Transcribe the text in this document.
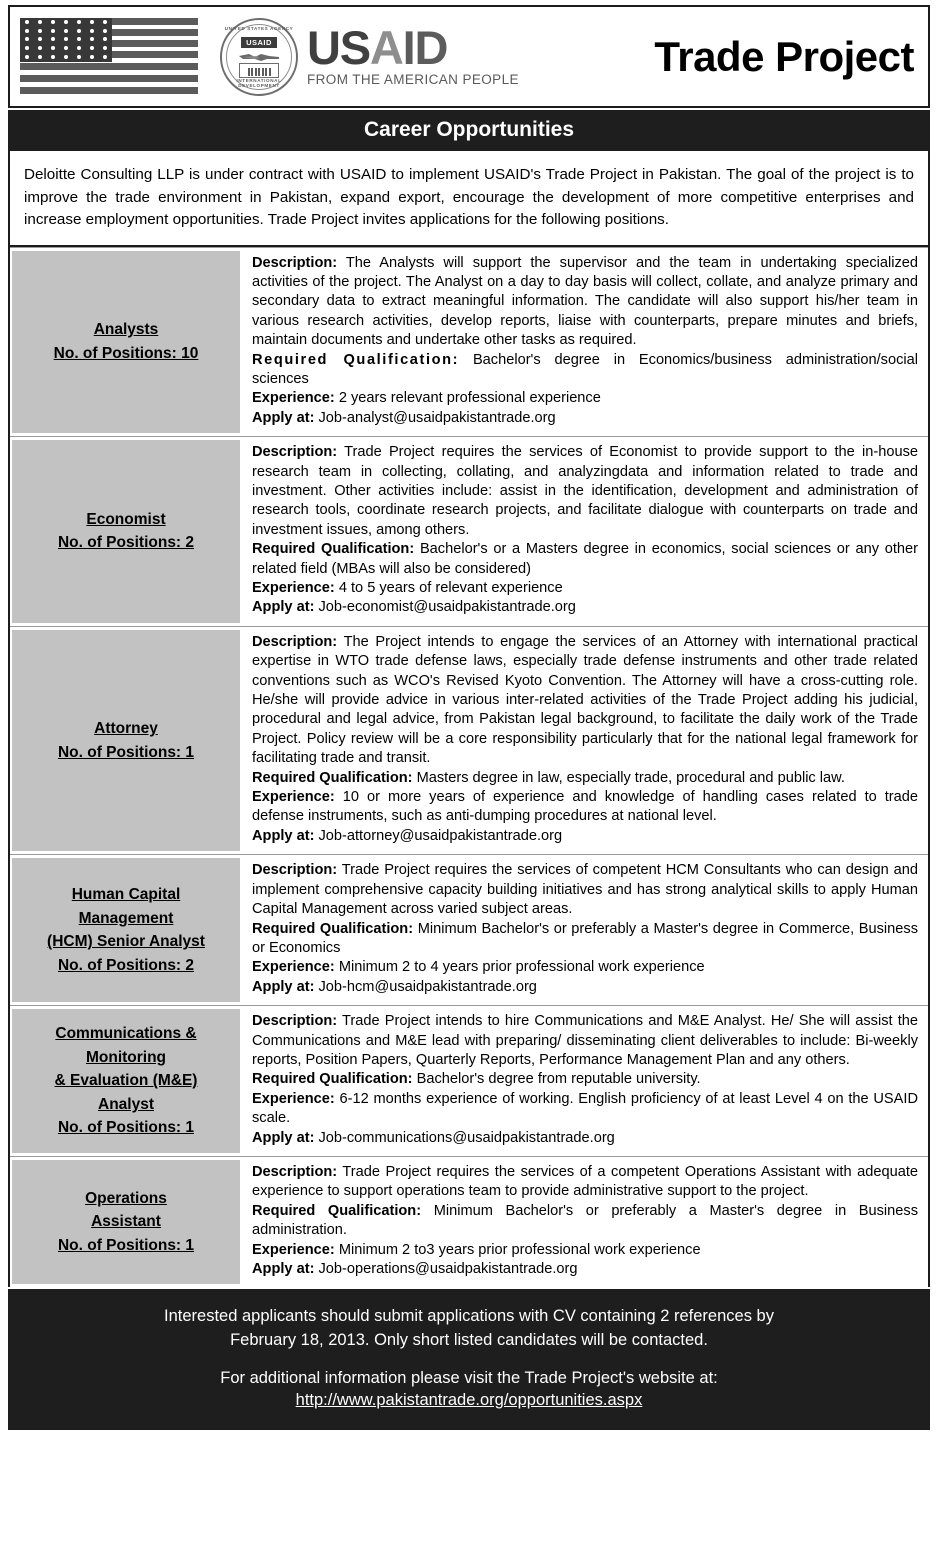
UNITED STATES AGENCY
USAID
INTERNATIONAL DEVELOPMENT
USAID
FROM THE AMERICAN PEOPLE
Trade Project
Career Opportunities
Deloitte Consulting LLP is under contract with USAID to implement USAID's Trade Project in Pakistan. The goal of the project is to improve the trade environment in Pakistan, expand export, encourage the development of more competitive enterprises and increase employment opportunities. Trade Project invites applications for the following positions.
Analysts
No. of Positions: 10
Description: The Analysts will support the supervisor and the team in undertaking specialized activities of the project. The Analyst on a day to day basis will collect, collate, and analyze primary and secondary data to extract meaningful information. The candidate will also support his/her team in various research activities, develop reports, liaise with counterparts, prepare minutes and briefs, maintain documents and undertake other tasks as required.
Required Qualification: Bachelor's degree in Economics/business administration/social sciences
Experience: 2 years relevant professional experience
Apply at: Job-analyst@usaidpakistantrade.org
Economist
No. of Positions: 2
Description: Trade Project requires the services of Economist to provide support to the in-house research team in collecting, collating, and analyzingdata and information related to trade and investment. Other activities include: assist in the identification, development and administration of research tools, coordinate research projects, and facilitate dialogue with counterparts on trade and investment issues, among others.
Required Qualification: Bachelor's or a Masters degree in economics, social sciences or any other related field (MBAs will also be considered)
Experience: 4 to 5 years of relevant experience
Apply at: Job-economist@usaidpakistantrade.org
Attorney
No. of Positions: 1
Description: The Project intends to engage the services of an Attorney with international practical expertise in WTO trade defense laws, especially trade defense instruments and other trade related conventions such as WCO's Revised Kyoto Convention. The Attorney will have a cross-cutting role. He/she will provide advice in various inter-related activities of the Trade Project adding his judicial, procedural and legal advice, from Pakistan legal background, to facilitate the daily work of the Trade Project. Policy review will be a core responsibility particularly that for the national legal framework for facilitating trade and transit.
Required Qualification: Masters degree in law, especially trade, procedural and public law.
Experience: 10 or more years of experience and knowledge of handling cases related to trade defense instruments, such as anti-dumping procedures at national level.
Apply at: Job-attorney@usaidpakistantrade.org
Human Capital
Management
(HCM) Senior Analyst
No. of Positions: 2
Description: Trade Project requires the services of competent HCM Consultants who can design and implement comprehensive capacity building initiatives and has strong analytical skills to apply Human Capital Management across varied subject areas.
Required Qualification: Minimum Bachelor's or preferably a Master's degree in Commerce, Business or Economics
Experience: Minimum 2 to 4 years prior professional work experience
Apply at: Job-hcm@usaidpakistantrade.org
Communications &
Monitoring
& Evaluation (M&E)
Analyst
No. of Positions: 1
Description: Trade Project intends to hire Communications and M&E Analyst. He/ She will assist the Communications and M&E lead with preparing/ disseminating client deliverables to include: Bi-weekly reports, Position Papers, Quarterly Reports, Performance Management Plan and any others.
Required Qualification: Bachelor's degree from reputable university.
Experience: 6-12 months experience of working. English proficiency of at least Level 4 on the USAID scale.
Apply at: Job-communications@usaidpakistantrade.org
Operations
Assistant
No. of Positions: 1
Description: Trade Project requires the services of a competent Operations Assistant with adequate experience to support operations team to provide administrative support to the project.
Required Qualification: Minimum Bachelor's or preferably a Master's degree in Business administration.
Experience: Minimum 2 to3 years prior professional work experience
Apply at: Job-operations@usaidpakistantrade.org
Interested applicants should submit applications with CV containing 2 references by
February 18, 2013. Only short listed candidates will be contacted.
For additional information please visit the Trade Project's website at:
http://www.pakistantrade.org/opportunities.aspx
